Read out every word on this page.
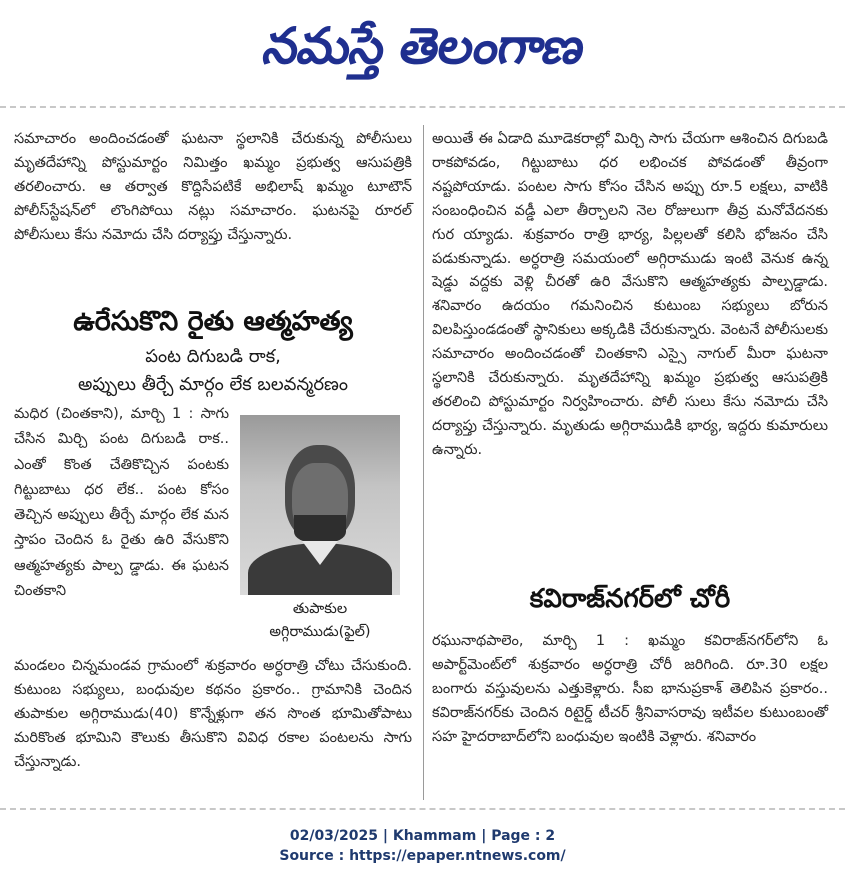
నమస్తే తెలంగాణ

సమాచారం అందించడంతో ఘటనా స్థలానికి చేరుకున్న పోలీసులు మృతదేహాన్ని పోస్టుమార్టం నిమిత్తం ఖమ్మం ప్రభుత్వ ఆసుపత్రికి తరలించారు. ఆ తర్వాత కొద్దిసేపటికే అభిలాష్ ఖమ్మం టూటౌన్ పోలీస్‌స్టేషన్‌లో లొంగిపోయి నట్లు సమాచారం. ఘటనపై రూరల్ పోలీసులు కేసు నమోదు చేసి దర్యాప్తు చేస్తున్నారు.

ఉరేసుకొని రైతు ఆత్మహత్య
పంట దిగుబడి రాక,
అప్పులు తీర్చే మార్గం లేక బలవన్మరణం

మధిర (చింతకాని), మార్చి 1 : సాగు చేసిన మిర్చి పంట దిగుబడి రాక.. ఎంతో కొంత చేతికొచ్చిన పంటకు గిట్టుబాటు ధర లేక.. పంట కోసం తెచ్చిన అప్పులు తీర్చే మార్గం లేక మన స్తాపం చెందిన ఓ రైతు ఉరి వేసుకొని ఆత్మహత్యకు పాల్ప డ్డాడు. ఈ ఘటన చింతకాని

తుపాకుల
అగ్గిరాముడు(ఫైల్)

మండలం చిన్నమండవ గ్రామంలో శుక్రవారం అర్ధరాత్రి చోటు చేసుకుంది. కుటుంబ సభ్యులు, బంధువుల కథనం ప్రకారం.. గ్రామానికి చెందిన తుపాకుల అగ్గిరాముడు(40) కొన్నేళ్లుగా తన సొంత భూమితోపాటు మరికొంత భూమిని కౌలుకు తీసుకొని వివిధ రకాల పంటలను సాగు చేస్తున్నాడు.

అయితే ఈ ఏడాది మూడెకరాల్లో మిర్చి సాగు చేయగా ఆశించిన దిగుబడి రాకపోవడం, గిట్టుబాటు ధర లభించక పోవడంతో తీవ్రంగా నష్టపోయాడు. పంటల సాగు కోసం చేసిన అప్పు రూ.5 లక్షలు, వాటికి సంబంధించిన వడ్డీ ఎలా తీర్చాలని నెల రోజులుగా తీవ్ర మనోవేదనకు గుర య్యాడు. శుక్రవారం రాత్రి భార్య, పిల్లలతో కలిసి భోజనం చేసి పడుకున్నాడు. అర్ధరాత్రి సమయంలో అగ్గిరాముడు ఇంటి వెనుక ఉన్న షెడ్డు వద్దకు వెళ్లి చీరతో ఉరి వేసుకొని ఆత్మహత్యకు పాల్పడ్డాడు. శనివారం ఉదయం గమనించిన కుటుంబ సభ్యులు బోరున విలపిస్తుండడంతో స్థానికులు అక్కడికి చేరుకున్నారు. వెంటనే పోలీసులకు సమాచారం అందించడంతో చింతకాని ఎస్సై నాగుల్ మీరా ఘటనా స్థలానికి చేరుకున్నారు. మృతదేహాన్ని ఖమ్మం ప్రభుత్వ ఆసుపత్రికి తరలించి పోస్టుమార్టం నిర్వహించారు. పోలీ సులు కేసు నమోదు చేసి దర్యాప్తు చేస్తున్నారు. మృతుడు అగ్గిరాముడికి భార్య, ఇద్దరు కుమారులు ఉన్నారు.

కవిరాజ్‌నగర్‌లో చోరీ

రఘునాథపాలెం, మార్చి 1 : ఖమ్మం కవిరాజ్‌నగర్‌లోని ఓ అపార్ట్‌మెంట్‌లో శుక్రవారం అర్ధరాత్రి చోరీ జరిగింది. రూ.30 లక్షల బంగారు వస్తువులను ఎత్తుకెళ్లారు. సీఐ భానుప్రకాశ్ తెలిపిన ప్రకారం.. కవిరాజ్‌నగర్‌కు చెందిన రిటైర్డ్ టీచర్ శ్రీనివాసరావు ఇటీవల కుటుంబంతో సహ హైదరాబాద్‌లోని బంధువుల ఇంటికి వెళ్లారు. శనివారం

02/03/2025 | Khammam | Page : 2
Source : https://epaper.ntnews.com/
